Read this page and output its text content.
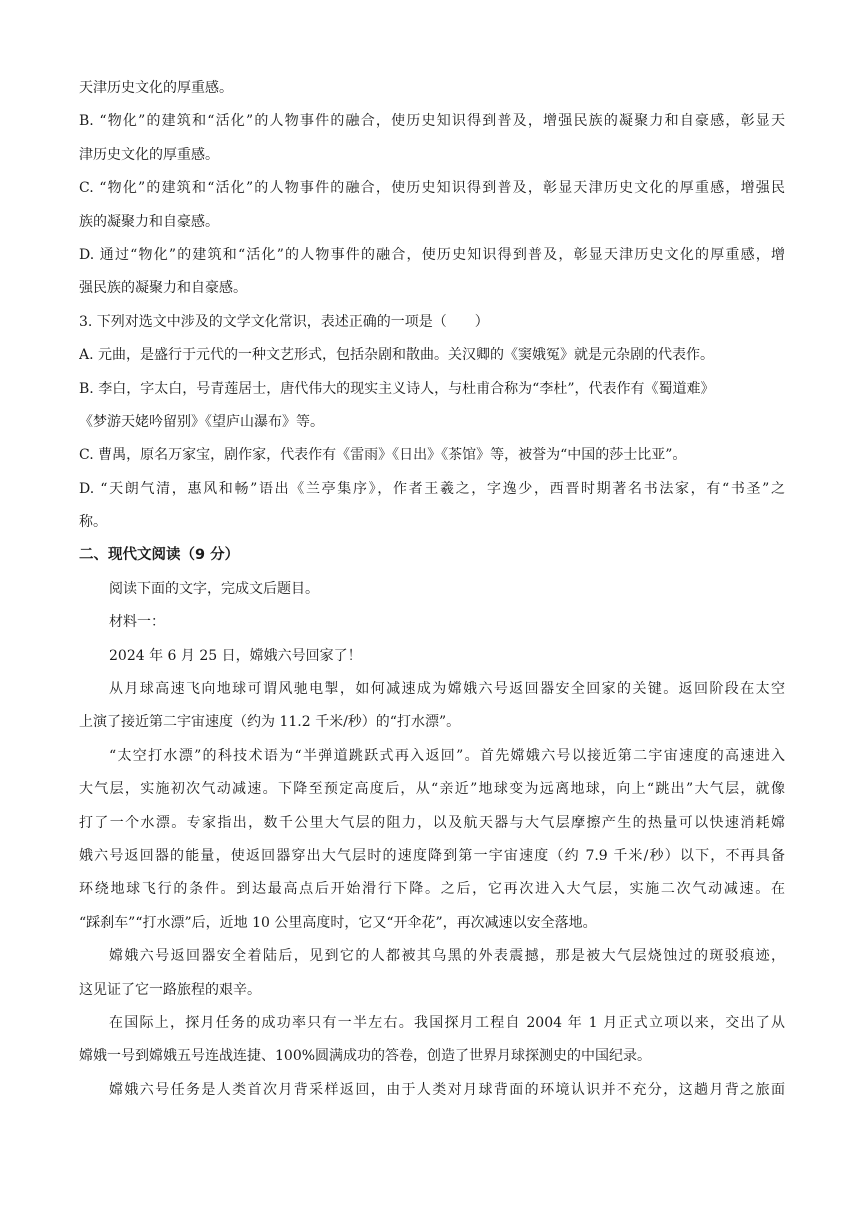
天津历史文化的厚重感。
B. “物化”的建筑和“活化”的人物事件的融合，使历史知识得到普及，增强民族的凝聚力和自豪感，彰显天
津历史文化的厚重感。
C. “物化”的建筑和“活化”的人物事件的融合，使历史知识得到普及，彰显天津历史文化的厚重感，增强民
族的凝聚力和自豪感。
D. 通过“物化”的建筑和“活化”的人物事件的融合，使历史知识得到普及，彰显天津历史文化的厚重感，增
强民族的凝聚力和自豪感。
3. 下列对选文中涉及的文学文化常识，表述正确的一项是（　　）
A. 元曲，是盛行于元代的一种文艺形式，包括杂剧和散曲。关汉卿的《窦娥冤》就是元杂剧的代表作。
B. 李白，字太白，号青莲居士，唐代伟大的现实主义诗人，与杜甫合称为“李杜”，代表作有《蜀道难》
《梦游天姥吟留别》《望庐山瀑布》等。
C. 曹禺，原名万家宝，剧作家，代表作有《雷雨》《日出》《茶馆》等，被誉为“中国的莎士比亚”。
D. “天朗气清，惠风和畅”语出《兰亭集序》，作者王羲之，字逸少，西晋时期著名书法家，有“书圣”之
称。
二、现代文阅读（9 分）
阅读下面的文字，完成文后题目。
材料一：
2024 年 6 月 25 日，嫦娥六号回家了！
从月球高速飞向地球可谓风驰电掣，如何减速成为嫦娥六号返回器安全回家的关键。返回阶段在太空
上演了接近第二宇宙速度（约为 11.2 千米/秒）的“打水漂”。
“太空打水漂”的科技术语为“半弹道跳跃式再入返回”。首先嫦娥六号以接近第二宇宙速度的高速进入
大气层，实施初次气动减速。下降至预定高度后，从“亲近”地球变为远离地球，向上“跳出”大气层，就像
打了一个水漂。专家指出，数千公里大气层的阻力，以及航天器与大气层摩擦产生的热量可以快速消耗嫦
娥六号返回器的能量，使返回器穿出大气层时的速度降到第一宇宙速度（约 7.9 千米/秒）以下，不再具备
环绕地球飞行的条件。到达最高点后开始滑行下降。之后，它再次进入大气层，实施二次气动减速。在
“踩刹车”“打水漂”后，近地 10 公里高度时，它又“开伞花”，再次减速以安全落地。
嫦娥六号返回器安全着陆后，见到它的人都被其乌黑的外表震撼，那是被大气层烧蚀过的斑驳痕迹，
这见证了它一路旅程的艰辛。
在国际上，探月任务的成功率只有一半左右。我国探月工程自 2004 年 1 月正式立项以来，交出了从
嫦娥一号到嫦娥五号连战连捷、100%圆满成功的答卷，创造了世界月球探测史的中国纪录。
嫦娥六号任务是人类首次月背采样返回，由于人类对月球背面的环境认识并不充分，这趟月背之旅面
